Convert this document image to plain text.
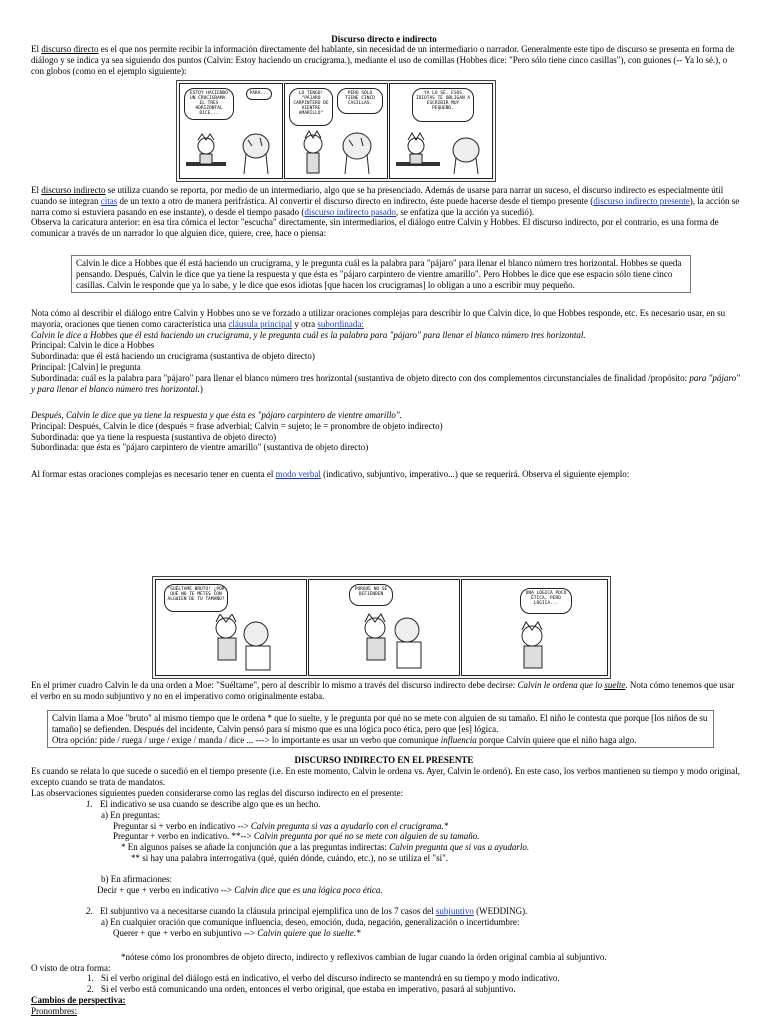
Discurso directo e indirecto
El discurso directo es el que nos permite recibir la información directamente del hablante, sin necesidad de un intermediario o narrador. Generalmente este tipo de discurso se presenta en forma de diálogo y se indica ya sea siguiendo dos puntos (Calvin: Estoy haciendo un crucigrama.), mediante el uso de comillas (Hobbes dice: "Pero sólo tiene cinco casillas"), con guiones (-- Ya lo sé.), o con globos (como en el ejemplo siguiente):
ESTOY HACIENDO UN CRUCIGRAMA. EL TRES HORIZONTAL DICE...
PARA...	LO TENGO! "PÁJARO CARPINTERO DE VIENTRE AMARILLO"
PERO SÓLO TIENE CINCO CASILLAS.
YA LO SÉ. ESOS IDIOTAS TE OBLIGAN A ESCRIBIR MUY PEQUEÑO.
El discurso indirecto se utiliza cuando se reporta, por medio de un intermediario, algo que se ha presenciado. Además de usarse para narrar un suceso, el discurso indirecto es especialmente útil cuando se integran citas de un texto a otro de manera perifrástica. Al convertir el discurso directo en indirecto, éste puede hacerse desde el tiempo presente (discurso indirecto presente), la acción se narra como si estuviera pasando en ese instante), o desde el tiempo pasado (discurso indirecto pasado, se enfatiza que la acción ya sucedió).
Observa la caricatura anterior: en esa tira cómica el lector "escucha" directamente, sin intermediarios, el diálogo entre Calvin y Hobbes. El discurso indirecto, por el contrario, es una forma de comunicar a través de un narrador lo que alguien dice, quiere, cree, hace o piensa:
Calvin le dice a Hobbes que él está haciendo un crucigrama, y le pregunta cuál es la palabra para "pájaro" para llenar el blanco número tres horizontal. Hobbes se queda pensando. Después, Calvin le dice que ya tiene la respuesta y que ésta es "pájaro carpintero de vientre amarillo". Pero Hobbes le dice que ese espacio sólo tiene cinco casillas. Calvin le responde que ya lo sabe, y le dice que esos idiotas [que hacen los crucigramas] lo obligan a uno a escribir muy pequeño.
Nota cómo al describir el diálogo entre Calvin y Hobbes uno se ve forzado a utilizar oraciones complejas para describir lo que Calvin dice, lo que Hobbes responde, etc. Es necesario usar, en su mayoría, oraciones que tienen como característica una cláusula principal y otra subordinada:
Calvin le dice a Hobbes que él está haciendo un crucigrama, y le pregunta cuál es la palabra para "pájaro" para llenar el blanco número tres horizontal.
Principal: Calvin le dice a Hobbes
Subordinada: que él está haciendo un crucigrama (sustantiva de objeto directo)
Principal: [Calvin] le pregunta
Subordinada: cuál es la palabra para "pájaro" para llenar el blanco número tres horizontal (sustantiva de objeto directo con dos complementos circunstanciales de finalidad /propósito: para "pájaro" y para llenar el blanco número tres horizontal.)
Después, Calvin le dice que ya tiene la respuesta y que ésta es "pájaro carpintero de vientre amarillo".
Principal: Después, Calvin le dice (después = frase adverbial; Calvin = sujeto; le = pronombre de objeto indirecto)
Subordinada: que ya tiene la respuesta (sustantiva de objeto directo)
Subordinada: que ésta es "pájaro carpintero de vientre amarillo" (sustantiva de objeto directo)
Al formar estas oraciones complejas es necesario tener en cuenta el modo verbal (indicativo, subjuntivo, imperativo...) que se requerirá. Observa el siguiente ejemplo:
"SUÉLTAME BRUTO! ¿POR QUÉ NO TE METES CON ALGUIEN DE TU TAMAÑO?
PORQUE NO SE DEFIENDEN	UNA LÓGICA POCO ÉTICA, PERO LÓGICA...
En el primer cuadro Calvin le da una orden a Moe: "Suéltame", pero al describir lo mismo a través del discurso indirecto debe decirse: Calvin le ordena que lo suelte. Nota cómo tenemos que usar el verbo en su modo subjuntivo y no en el imperativo como originalmente estaba.
Calvin llama a Moe "bruto" al mismo tiempo que le ordena * que lo suelte, y le pregunta por qué no se mete con alguien de su tamaño. El niño le contesta que porque [los niños de su tamaño] se defienden. Después del incidente, Calvin pensó para sí mismo que es una lógica poco ética, pero que [es] lógica.
Otra opción: pide / ruega / urge / exige / manda / dice ... ---> lo importante es usar un verbo que comunique influencia porque Calvin quiere que el niño haga algo.
DISCURSO INDIRECTO EN EL PRESENTE
Es cuando se relata lo que sucede o sucedió en el tiempo presente (i.e. En este momento, Calvin le ordena vs. Ayer, Calvin le ordenó). En este caso, los verbos mantienen su tiempo y modo original, excepto cuando se trata de mandatos.
Las observaciones siguientes pueden considerarse como las reglas del discurso indirecto en el presente:
1. El indicativo se usa cuando se describe algo que es un hecho.
a) En preguntas:
Preguntar si + verbo en indicativo --> Calvin pregunta si vas a ayudarlo con el crucigrama.*
Preguntar + verbo en indicativo. **--> Calvin pregunta por qué no se mete con alguien de su tamaño.
* En algunos países se añade la conjunción que a las preguntas indirectas: Calvin pregunta que si vas a ayudarlo.
** si hay una palabra interrogativa (qué, quién dónde, cuándo, etc.), no se utiliza el "si".
b) En afirmaciones:
Decir + que + verbo en indicativo --> Calvin dice que es una lógica poco ética.
2. El subjuntivo va a necesitarse cuando la cláusula principal ejemplifica uno de los 7 casos del subjuntivo (WEDDING).
a) En cualquier oración que comunique influencia, deseo, emoción, duda, negación, generalización o incertidumbre:
Querer + que + verbo en subjuntivo --> Calvin quiere que lo suelte.*
*nótese cómo los pronombres de objeto directo, indirecto y reflexivos cambian de lugar cuando la órden original cambia al subjuntivo.
O visto de otra forma:
1. Si el verbo original del diálogo está en indicativo, el verbo del discurso indirecto se mantendrá en su tiempo y modo indicativo.
2. Si el verbo está comunicando una orden, entonces el verbo original, que estaba en imperativo, pasará al subjuntivo.
Cambios de perspectiva:
Pronombres:
